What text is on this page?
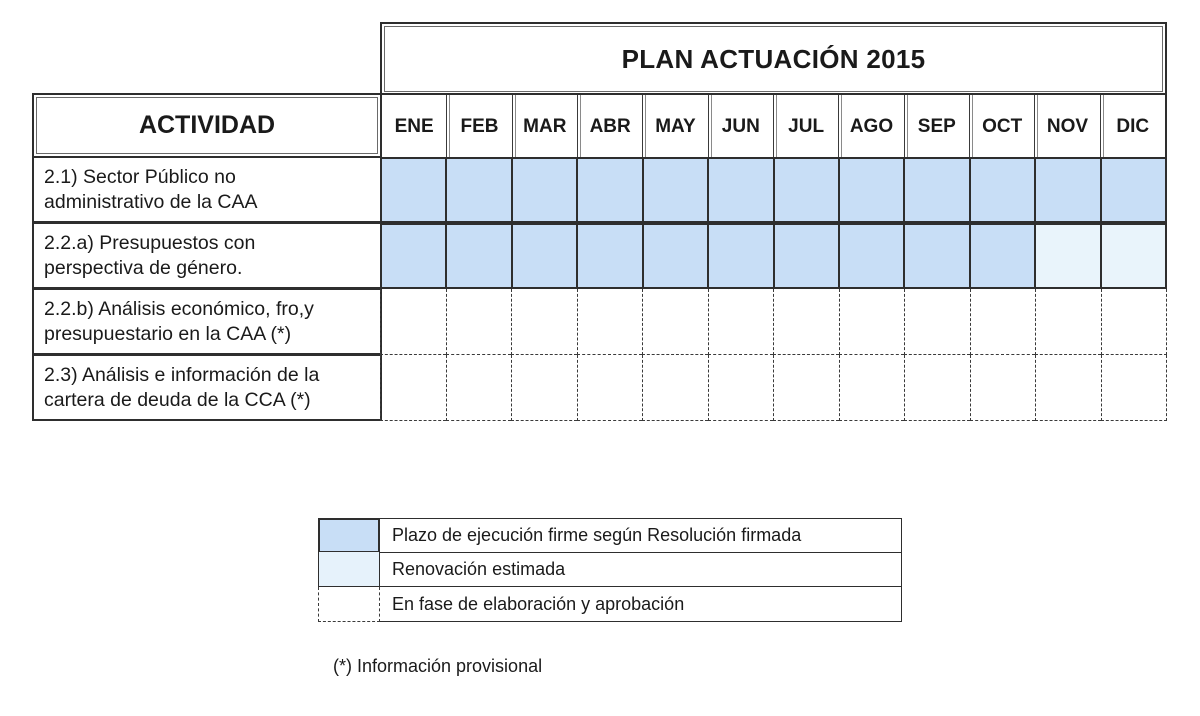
PLAN ACTUACIÓN 2015
ACTIVIDAD	ENE	FEB	MAR	ABR	MAY	JUN	JUL	AGO	SEP	OCT	NOV	DIC
2.1) Sector Público no
administrativo de la CAA
2.2.a) Presupuestos con
perspectiva de género.
2.2.b) Análisis económico, fro,y
presupuestario en la CAA (*)
2.3) Análisis e información de la
cartera de deuda de la CCA (*)
Plazo de ejecución firme según Resolución firmada
Renovación estimada
En fase de elaboración y aprobación
(*) Información provisional
